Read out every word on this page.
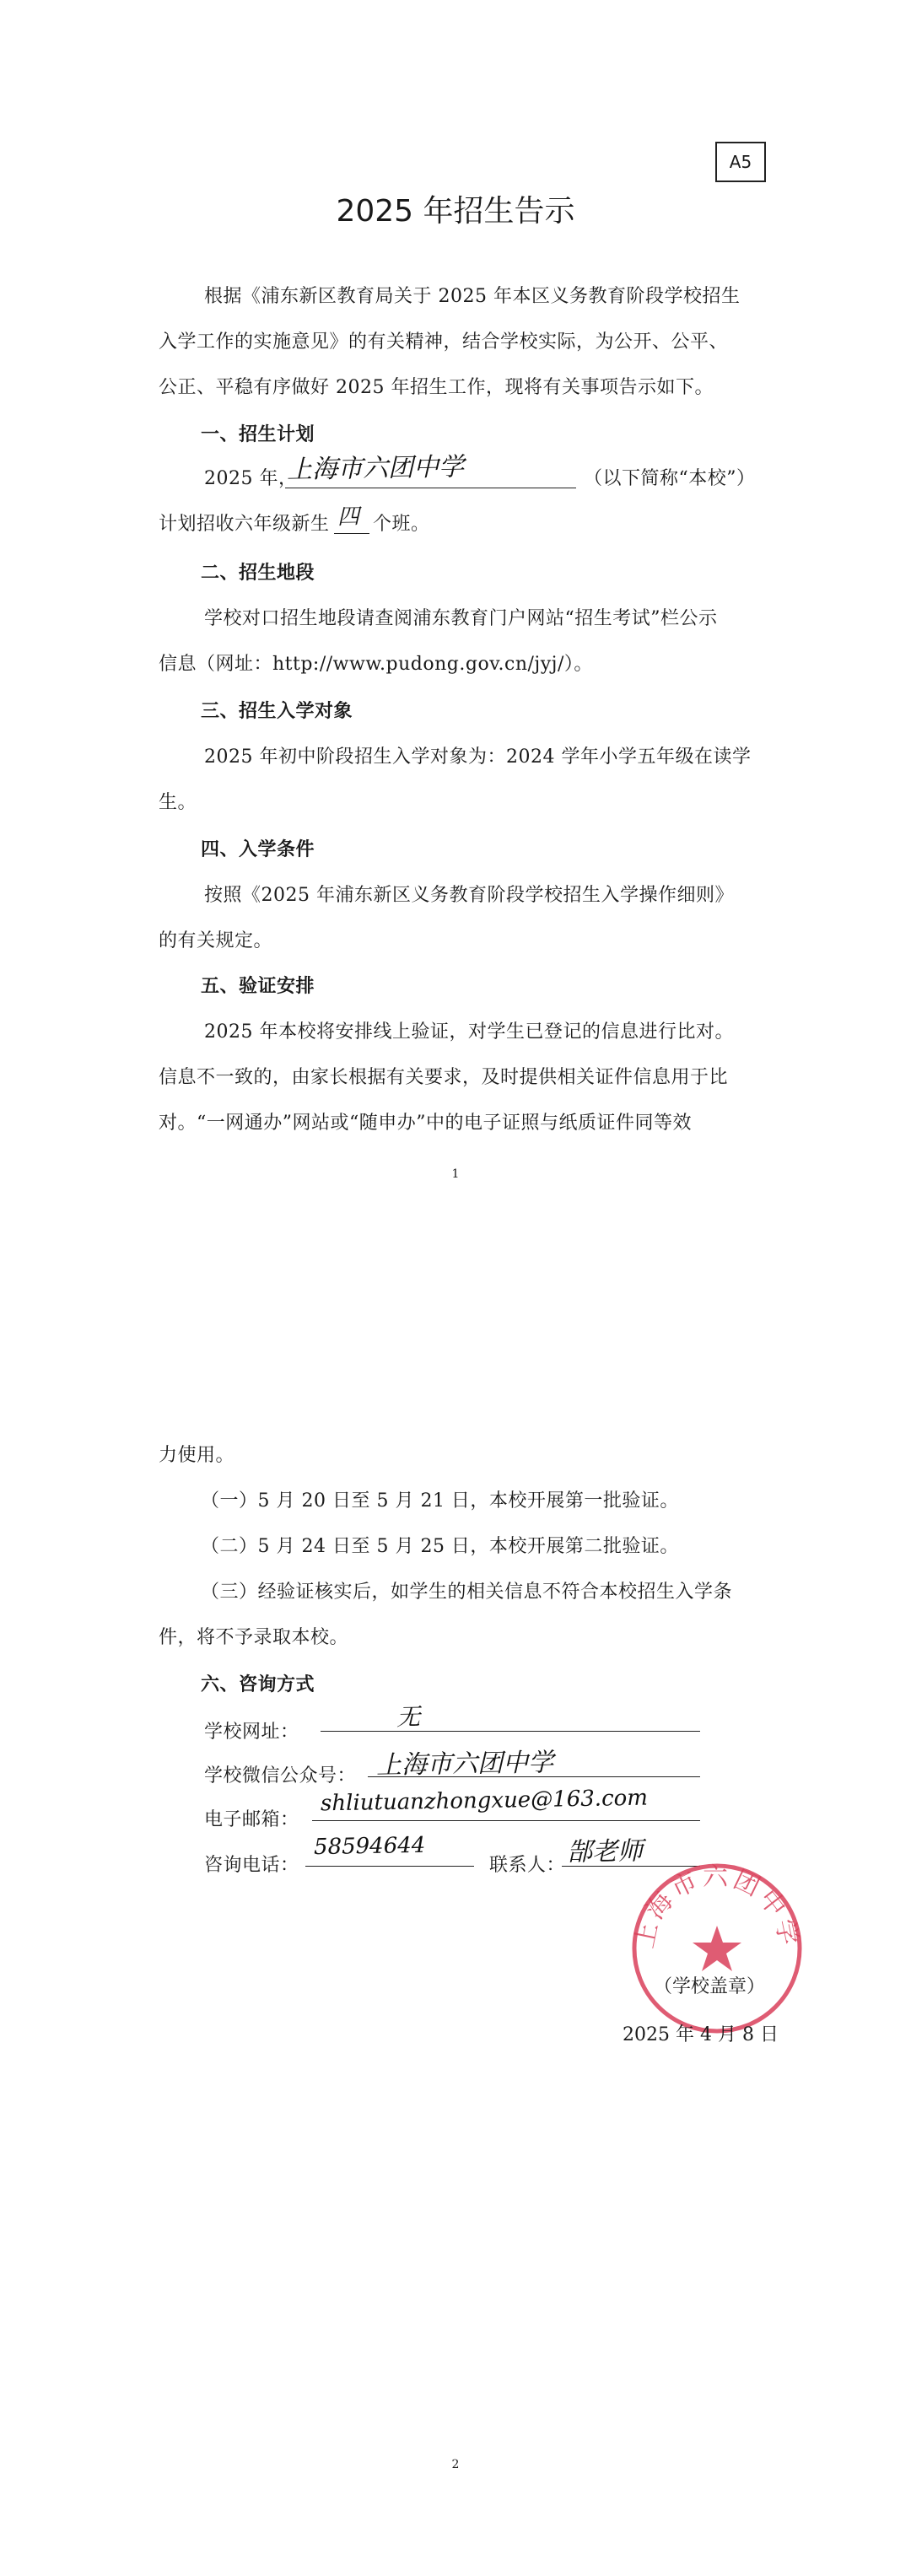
A5
2025 年招生告示
根据《浦东新区教育局关于 2025 年本区义务教育阶段学校招生
入学工作的实施意见》的有关精神，结合学校实际，为公开、公平、
公正、平稳有序做好 2025 年招生工作，现将有关事项告示如下。
一、招生计划
2025 年，
上海市六团中学	（以下简称“本校”）
计划招收六年级新生 四 个班。
二、招生地段
学校对口招生地段请查阅浦东教育门户网站“招生考试”栏公示
信息（网址：http://www.pudong.gov.cn/jyj/）。
三、招生入学对象
2025 年初中阶段招生入学对象为：2024 学年小学五年级在读学
生。
四、入学条件
按照《2025 年浦东新区义务教育阶段学校招生入学操作细则》
的有关规定。
五、验证安排
2025 年本校将安排线上验证，对学生已登记的信息进行比对。
信息不一致的，由家长根据有关要求，及时提供相关证件信息用于比
对。“一网通办”网站或“随申办”中的电子证照与纸质证件同等效
1
力使用。
（一）5 月 20 日至 5 月 21 日，本校开展第一批验证。
（二）5 月 24 日至 5 月 25 日，本校开展第二批验证。
（三）经验证核实后，如学生的相关信息不符合本校招生入学条
件，将不予录取本校。
六、咨询方式
学校网址：
无
学校微信公众号： 上海市六团中学
电子邮箱：
shliutuanzhongxue@163.com
咨询电话：
58594644
联系人： 郜老师
2
上海市六团中学
（学校盖章）
2025 年 4 月 8 日
